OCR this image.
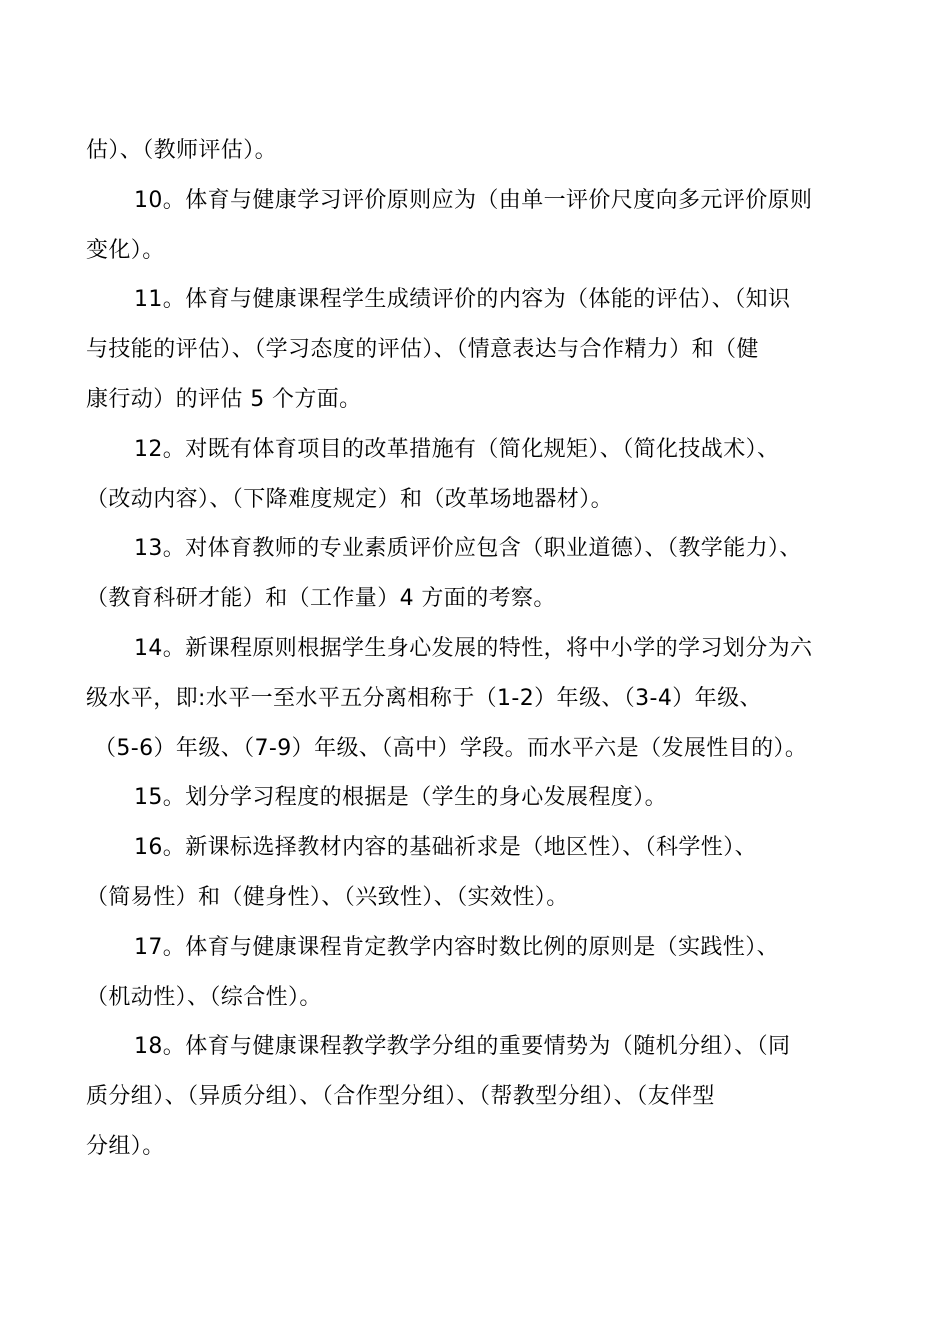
估）、（教师评估）。
10。体育与健康学习评价原则应为（由单一评价尺度向多元评价原则
变化）。
11。体育与健康课程学生成绩评价的内容为（体能的评估）、（知识
与技能的评估）、（学习态度的评估）、（情意表达与合作精力）和（健
康行动）的评估 5 个方面。
12。对既有体育项目的改革措施有（简化规矩）、（简化技战术）、
（改动内容）、（下降难度规定）和（改革场地器材）。
13。对体育教师的专业素质评价应包含（职业道德）、（教学能力）、
（教育科研才能）和（工作量）4 方面的考察。
14。新课程原则根据学生身心发展的特性，将中小学的学习划分为六
级水平，即:水平一至水平五分离相称于（1-2）年级、（3-4）年级、
（5-6）年级、（7-9）年级、（高中）学段。而水平六是（发展性目的）。
15。划分学习程度的根据是（学生的身心发展程度）。
16。新课标选择教材内容的基础祈求是（地区性）、（科学性）、
（简易性）和（健身性）、（兴致性）、（实效性）。
17。体育与健康课程肯定教学内容时数比例的原则是（实践性）、
（机动性）、（综合性）。
18。体育与健康课程教学教学分组的重要情势为（随机分组）、（同
质分组）、（异质分组）、（合作型分组）、（帮教型分组）、（友伴型
分组）。
